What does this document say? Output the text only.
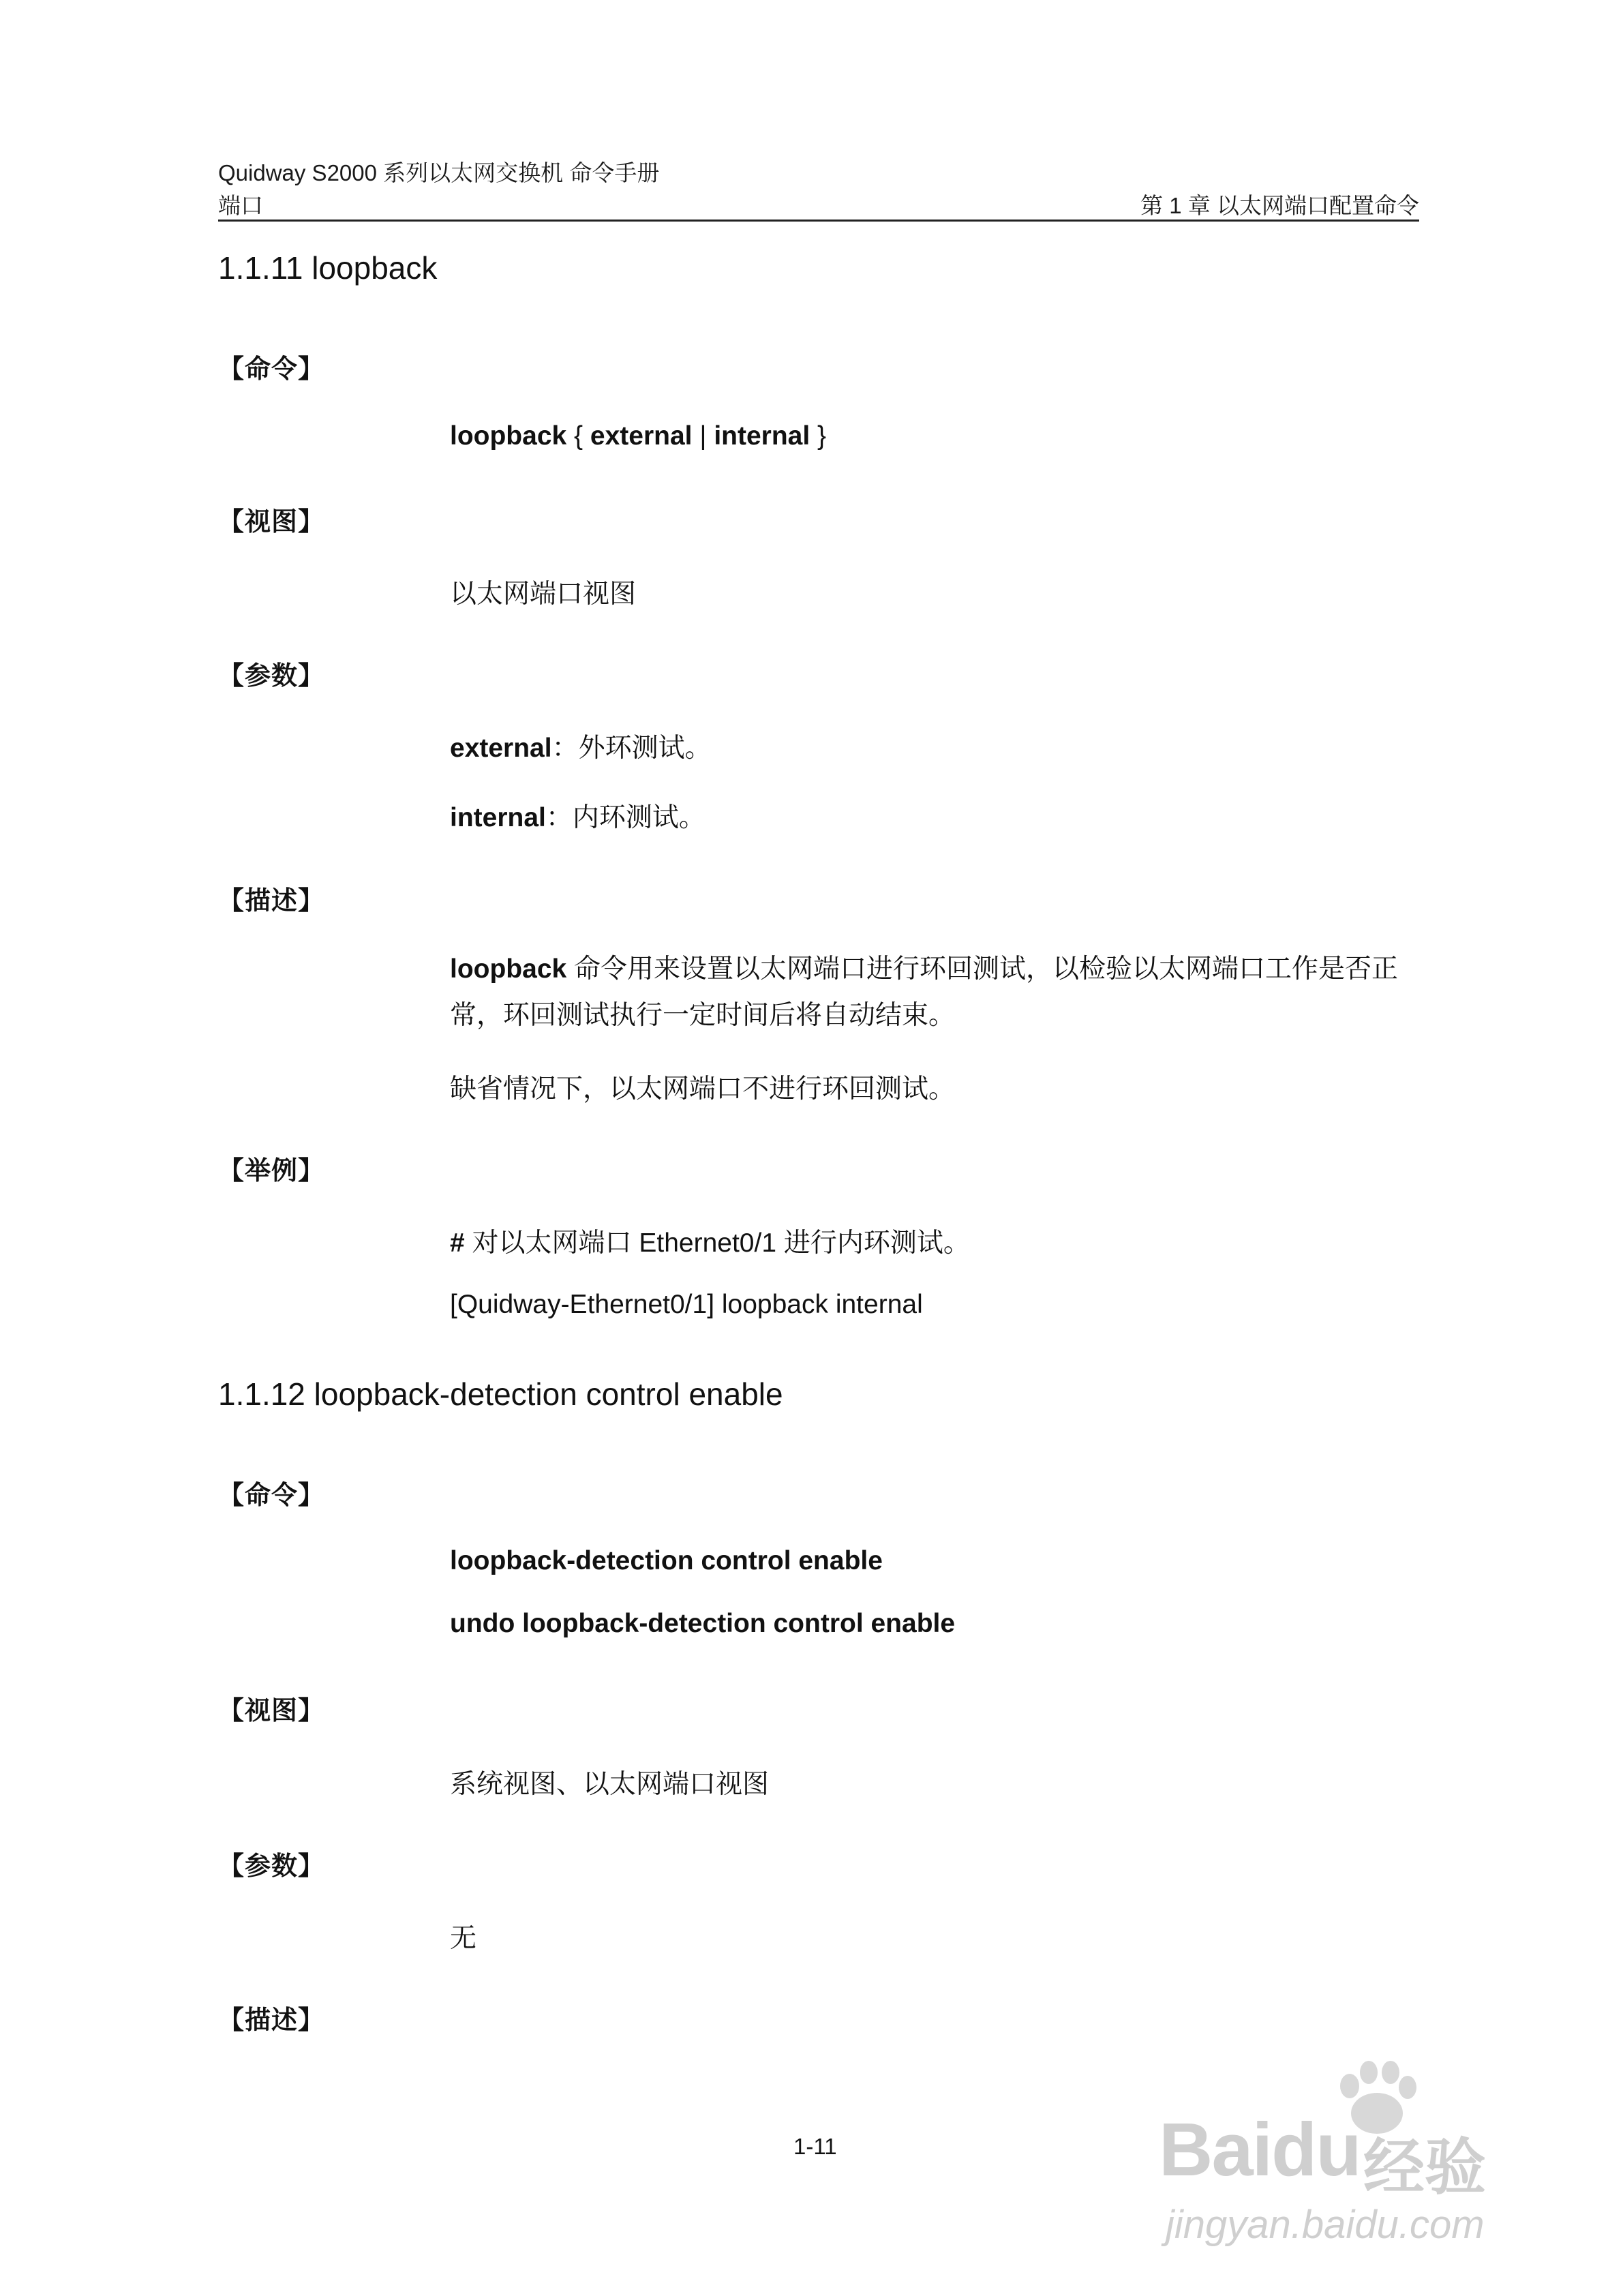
Quidway S2000 系列以太网交换机 命令手册
端口	第 1 章 以太网端口配置命令
1.1.11 loopback
【命令】
loopback { external | internal }
【视图】
以太网端口视图
【参数】
external：外环测试。
internal：内环测试。
【描述】
loopback 命令用来设置以太网端口进行环回测试，以检验以太网端口工作是否正常，环回测试执行一定时间后将自动结束。
缺省情况下，以太网端口不进行环回测试。
【举例】
# 对以太网端口 Ethernet0/1 进行内环测试。
[Quidway-Ethernet0/1] loopback internal
1.1.12 loopback-detection control enable
【命令】
loopback-detection control enable
undo loopback-detection control enable
【视图】
系统视图、以太网端口视图
【参数】
无
【描述】
1-11	Baidu 经验
jingyan.baidu.com
